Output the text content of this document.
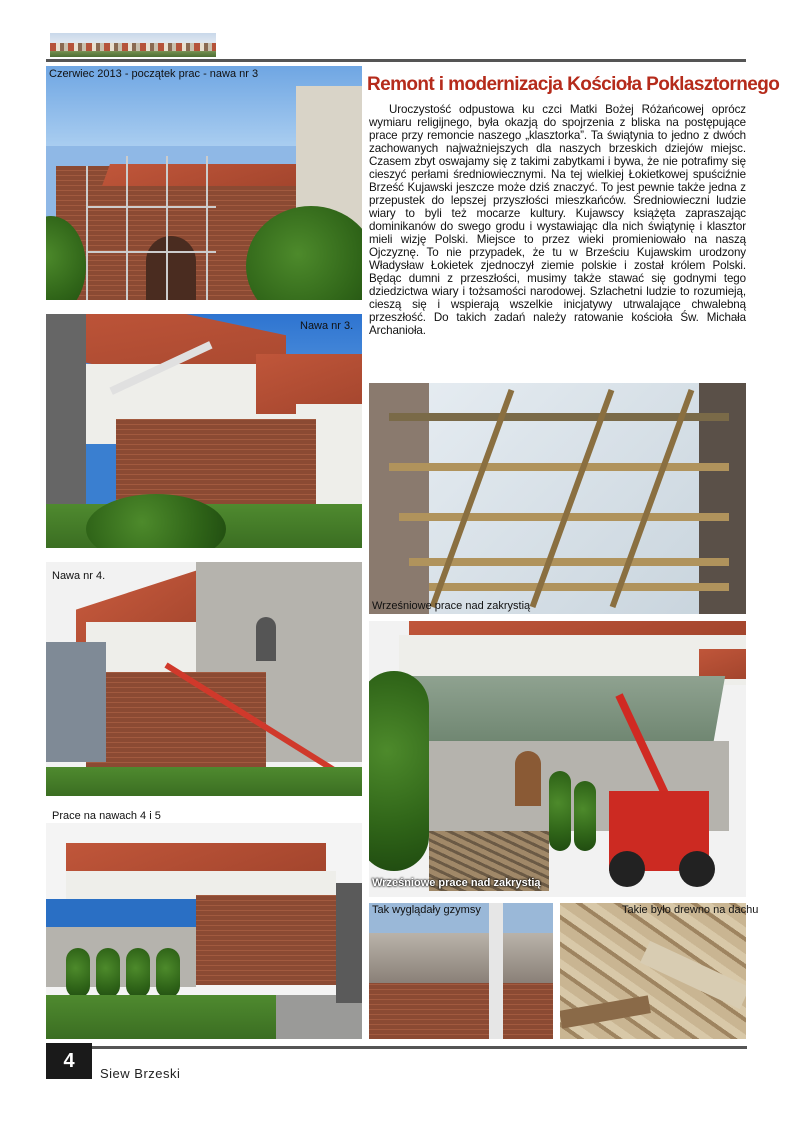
Czerwiec 2013 - początek prac - nawa nr 3
Nawa nr 3.
Nawa nr 4.
Prace na nawach 4 i 5
Remont i modernizacja Kościoła Poklasztornego
Uroczystość odpustowa ku czci Matki Bożej Różańcowej oprócz wymiaru religijnego, była okazją do spojrzenia z bliska na postępujące prace przy remoncie naszego „klasztorka”. Ta świątynia to jedno z dwóch zachowanych najważniejszych dla naszych brzeskich dziejów miejsc. Czasem zbyt oswajamy się z takimi zabytkami i bywa, że nie potrafimy się cieszyć perłami średniowiecznymi. Na tej wielkiej Łokietkowej spuściźnie Brześć Kujawski jeszcze może dziś znaczyć. To jest pewnie także jedna z przepustek do lepszej przyszłości mieszkańców. Średniowieczni ludzie wiary to byli też mocarze kultury. Kujawscy książęta zapraszając dominikanów do swego grodu i wystawiając dla nich świątynię i klasztor mieli wizję Polski. Miejsce to przez wieki promieniowało na naszą Ojczyznę. To nie przypadek, że tu w Brześciu Kujawskim urodzony Władysław Łokietek zjednoczył ziemie polskie i został królem Polski. Będąc dumni z przeszłości, musimy także stawać się godnymi tego dziedzictwa wiary i tożsamości narodowej. Szlachetni ludzie to rozumieją, cieszą się i wspierają wszelkie inicjatywy utrwalające chwalebną przeszłość. Do takich zadań należy ratowanie kościoła Św. Michała Archanioła.
Wrześniowe prace nad zakrystią
Wrześniowe prace nad zakrystią
Tak wyglądały gzymsy	Takie było drewno na dachu
4
Siew Brzeski
